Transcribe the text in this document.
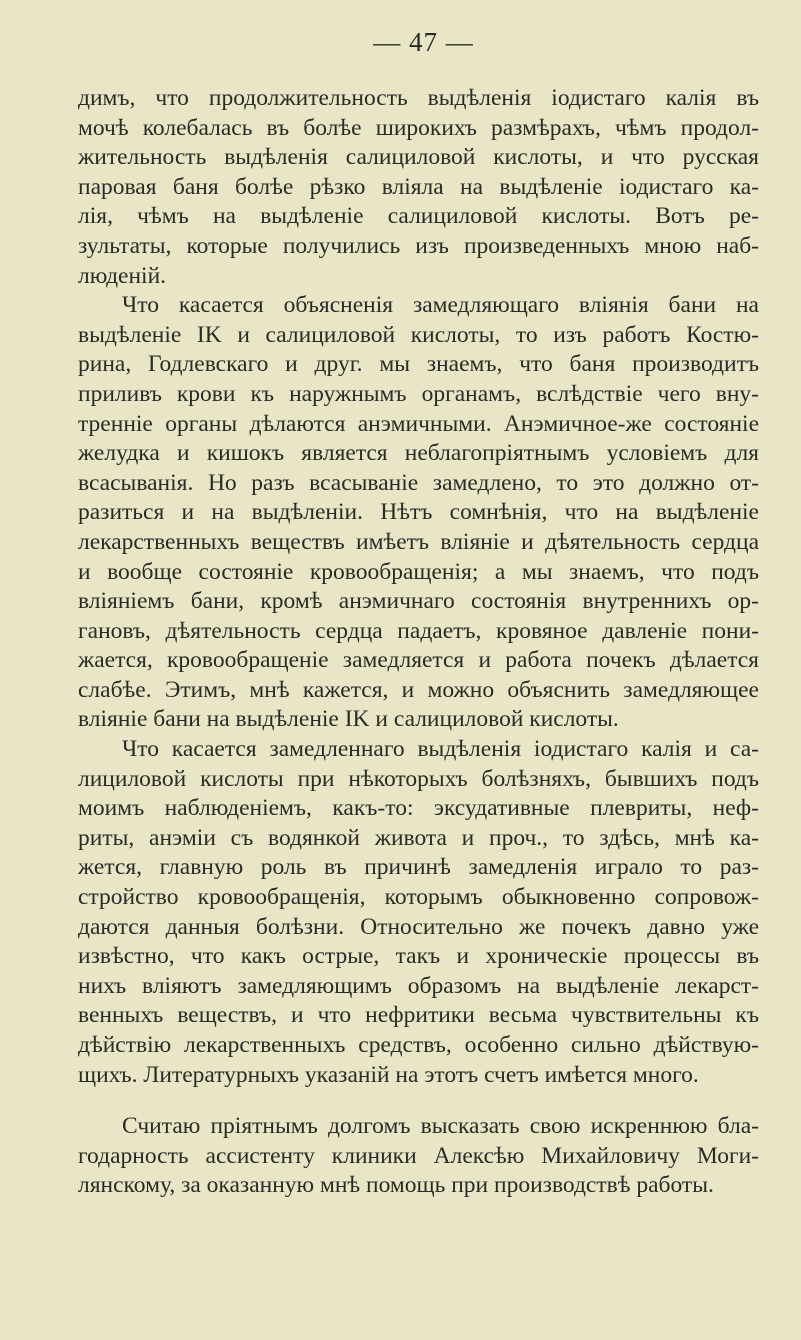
— 47 —
димъ, что продолжительность выдѣленія іодистаго калія въ
мочѣ колебалась въ болѣе широкихъ размѣрахъ, чѣмъ продол-
жительность выдѣленія салициловой кислоты, и что русская
паровая баня болѣе рѣзко вліяла на выдѣленіе іодистаго ка-
лія, чѣмъ на выдѣленіе салициловой кислоты. Вотъ ре-
зультаты, которые получились изъ произведенныхъ мною наб-
людeній.
Что касается объясненія замедляющаго вліянія бани на
выдѣленіе IK и салициловой кислоты, то изъ работъ Костю-
рина, Годлевскаго и друг. мы знаемъ, что баня производитъ
приливъ крови къ наружнымъ органамъ, вслѣдствіе чего вну-
тренніе органы дѣлаются анэмичными. Анэмичное-же состояніе
желудка и кишокъ является неблагопріятнымъ условіемъ для
всасыванія. Но разъ всасываніе замедлено, то это должно от-
разиться и на выдѣленіи. Нѣтъ сомнѣнія, что на выдѣленіе
лекарственныхъ веществъ имѣетъ вліяніе и дѣятельность сердца
и вообще состояніе кровообращенія; а мы знаемъ, что подъ
вліяніемъ бани, кромѣ анэмичнаго состоянія внутреннихъ ор-
гановъ, дѣятельность сердца падаетъ, кровяное давленіе пони-
жается, кровообращеніе замедляется и работа почекъ дѣлается
слабѣе. Этимъ, мнѣ кажется, и можно объяснить замедляющее
вліяніе бани на выдѣленіе IK и салициловой кислоты.
Что касается замедленнаго выдѣленія іодистаго калія и са-
лициловой кислоты при нѣкоторыхъ болѣзняхъ, бывшихъ подъ
моимъ наблюденіемъ, какъ-то: эксудативные плевриты, неф-
риты, анэміи съ водянкой живота и проч., то здѣсь, мнѣ ка-
жется, главную роль въ причинѣ замедленія играло то раз-
стройство кровообращенія, которымъ обыкновенно сопровож-
даются данныя болѣзни. Относительно же почекъ давно уже
извѣстно, что какъ острые, такъ и хроническіе процессы въ
нихъ вліяютъ замедляющимъ образомъ на выдѣленіе лекарст-
венныхъ веществъ, и что нефритики весьма чувствительны къ
дѣйствію лекарственныхъ средствъ, особенно сильно дѣйствую-
щихъ. Литературныхъ указаній на этотъ счетъ имѣется много.
Считаю пріятнымъ долгомъ высказать свою искреннюю бла-
годарность ассистенту клиники Алексѣю Михайловичу Моги-
лянскому, за оказанную мнѣ помощь при производствѣ работы.
